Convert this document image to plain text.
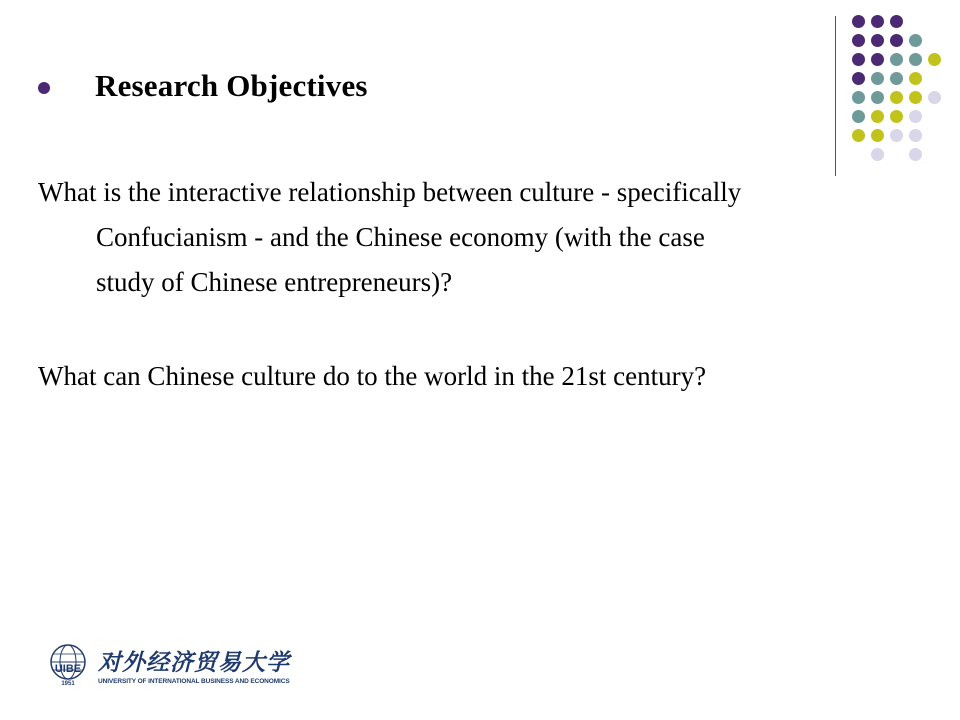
Research Objectives
What is the interactive relationship between culture - specifically
Confucianism - and the Chinese economy (with the case
study of Chinese entrepreneurs)?
What can Chinese culture do to the world in the 21st century?
UIBE
1951
对外经济贸易大学
UNIVERSITY OF INTERNATIONAL BUSINESS AND ECONOMICS
